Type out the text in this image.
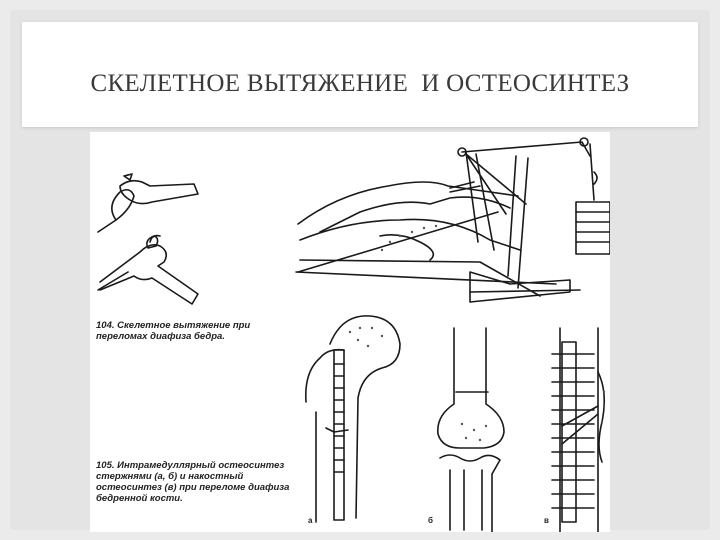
СКЕЛЕТНОЕ ВЫТЯЖЕНИЕ  И ОСТЕОСИНТЕЗ
104. Скелетное вытяжение при переломах диафиза бедра.
105. Интрамедуллярный остеосинтез стержнями (а, б) и накостный остеосинтез (в) при переломе диафиза бедренной кости.
а	б	в
